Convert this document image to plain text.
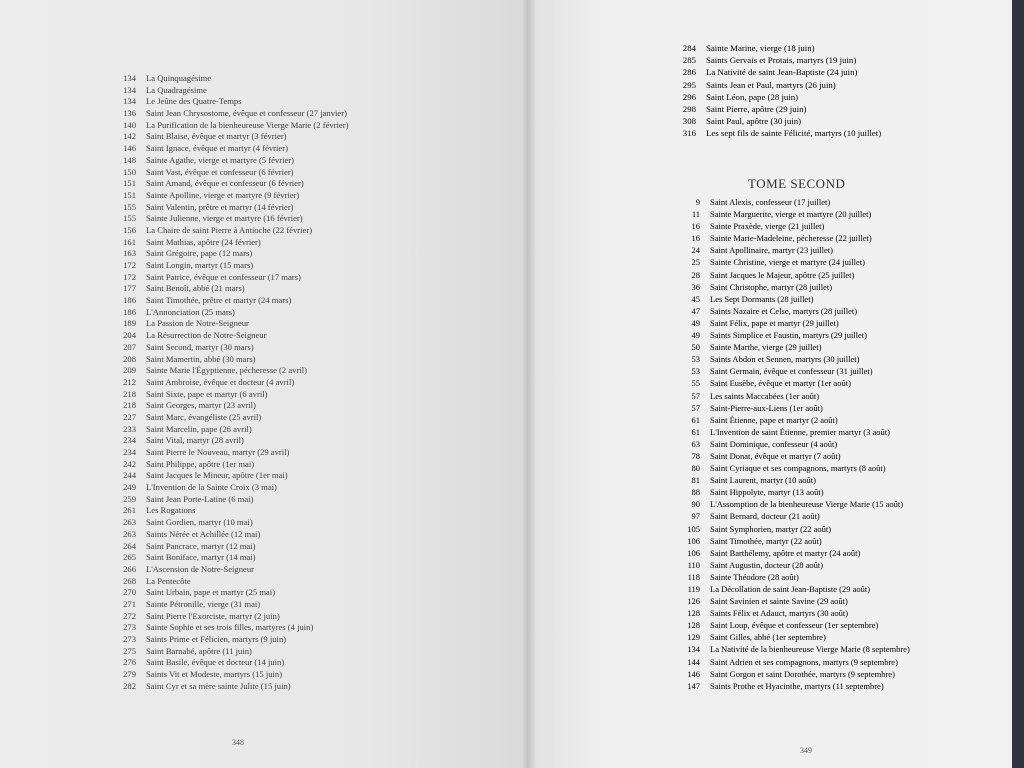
134 La Quinquagésime
134 La Quadragésime
134 Le Jeûne des Quatre-Temps
136 Saint Jean Chrysostome, évêque et confesseur (27 janvier)
140 La Purification de la bienheureuse Vierge Marie (2 février)
142 Saint Blaise, évêque et martyr (3 février)
146 Saint Ignace, évêque et martyr (4 février)
148 Sainte Agathe, vierge et martyre (5 février)
150 Saint Vast, évêque et confesseur (6 février)
151 Saint Amand, évêque et confesseur (6 février)
151 Sainte Apolline, vierge et martyre (9 février)
155 Saint Valentin, prêtre et martyr (14 février)
155 Sainte Julienne, vierge et martyre (16 février)
156 La Chaire de saint Pierre à Antioche (22 février)
161 Saint Mathias, apôtre (24 février)
163 Saint Grégoire, pape (12 mars)
172 Saint Longin, martyr (15 mars)
172 Saint Patrice, évêque et confesseur (17 mars)
177 Saint Benoît, abbé (21 mars)
186 Saint Timothée, prêtre et martyr (24 mars)
186 L'Annonciation (25 mars)
189 La Passion de Notre-Seigneur
204 La Résurrection de Notre-Seigneur
207 Saint Second, martyr (30 mars)
208 Saint Mamertin, abbé (30 mars)
209 Sainte Marie l'Égyptienne, pécheresse (2 avril)
212 Saint Ambroise, évêque et docteur (4 avril)
218 Saint Sixte, pape et martyr (6 avril)
218 Saint Georges, martyr (23 avril)
227 Saint Marc, évangéliste (25 avril)
233 Saint Marcelin, pape (26 avril)
234 Saint Vital, martyr (28 avril)
234 Saint Pierre le Nouveau, martyr (29 avril)
242 Saint Philippe, apôtre (1er mai)
244 Saint Jacques le Mineur, apôtre (1er mai)
249 L'Invention de la Sainte Croix (3 mai)
259 Saint Jean Porte-Latine (6 mai)
261 Les Rogations
263 Saint Gordien, martyr (10 mai)
263 Saints Nérée et Achillée (12 mai)
264 Saint Pancrace, martyr (12 mai)
265 Saint Boniface, martyr (14 mai)
266 L'Ascension de Notre-Seigneur
268 La Pentecôte
270 Saint Urbain, pape et martyr (25 mai)
271 Sainte Pétronille, vierge (31 mai)
272 Saint Pierre l'Exorciste, martyr (2 juin)
273 Sainte Sophie et ses trois filles, martyres (4 juin)
273 Saints Prime et Félicien, martyrs (9 juin)
275 Saint Barnabé, apôtre (11 juin)
276 Saint Basile, évêque et docteur (14 juin)
279 Saints Vit et Modeste, martyrs (15 juin)
282 Saint Cyr et sa mère sainte Julite (15 juin)
348
349
284 Sainte Marine, vierge (18 juin)
285 Saints Gervais et Protais, martyrs (19 juin)
286 La Nativité de saint Jean-Baptiste (24 juin)
295 Saints Jean et Paul, martyrs (26 juin)
296 Saint Léon, pape (28 juin)
298 Saint Pierre, apôtre (29 juin)
308 Saint Paul, apôtre (30 juin)
316 Les sept fils de sainte Félicité, martyrs (10 juillet)
TOME SECOND
9 Saint Alexis, confesseur (17 juillet)
11 Sainte Marguerite, vierge et martyre (20 juillet)
16 Sainte Praxède, vierge (21 juillet)
16 Sainte Marie-Madeleine, pécheresse (22 juillet)
24 Saint Apollinaire, martyr (23 juillet)
25 Sainte Christine, vierge et martyre (24 juillet)
28 Saint Jacques le Majeur, apôtre (25 juillet)
36 Saint Christophe, martyr (28 juillet)
45 Les Sept Dormants (28 juillet)
47 Saints Nazaire et Celse, martyrs (28 juillet)
49 Saint Félix, pape et martyr (29 juillet)
49 Saints Simplice et Faustin, martyrs (29 juillet)
50 Sainte Marthe, vierge (29 juillet)
53 Saints Abdon et Sennen, martyrs (30 juillet)
53 Saint Germain, évêque et confesseur (31 juillet)
55 Saint Eusèbe, évêque et martyr (1er août)
57 Les saints Maccabées (1er août)
57 Saint-Pierre-aux-Liens (1er août)
61 Saint Étienne, pape et martyr (2 août)
61 L'Invention de saint Étienne, premier martyr (3 août)
63 Saint Dominique, confesseur (4 août)
78 Saint Donat, évêque et martyr (7 août)
80 Saint Cyriaque et ses compagnons, martyrs (8 août)
81 Saint Laurent, martyr (10 août)
88 Saint Hippolyte, martyr (13 août)
90 L'Assomption de la bienheureuse Vierge Marie (15 août)
97 Saint Bernard, docteur (21 août)
105 Saint Symphorien, martyr (22 août)
106 Saint Timothée, martyr (22 août)
106 Saint Barthélemy, apôtre et martyr (24 août)
110 Saint Augustin, docteur (28 août)
118 Sainte Théodore (28 août)
119 La Décollation de saint Jean-Baptiste (29 août)
126 Saint Savinien et sainte Savine (29 août)
128 Saints Félix et Adauct, martyrs (30 août)
128 Saint Loup, évêque et confesseur (1er septembre)
129 Saint Gilles, abbé (1er septembre)
134 La Nativité de la bienheureuse Vierge Marie (8 septembre)
144 Saint Adrien et ses compagnons, martyrs (9 septembre)
146 Saint Gorgon et saint Dorothée, martyrs (9 septembre)
147 Saints Prothe et Hyacinthe, martyrs (11 septembre)
